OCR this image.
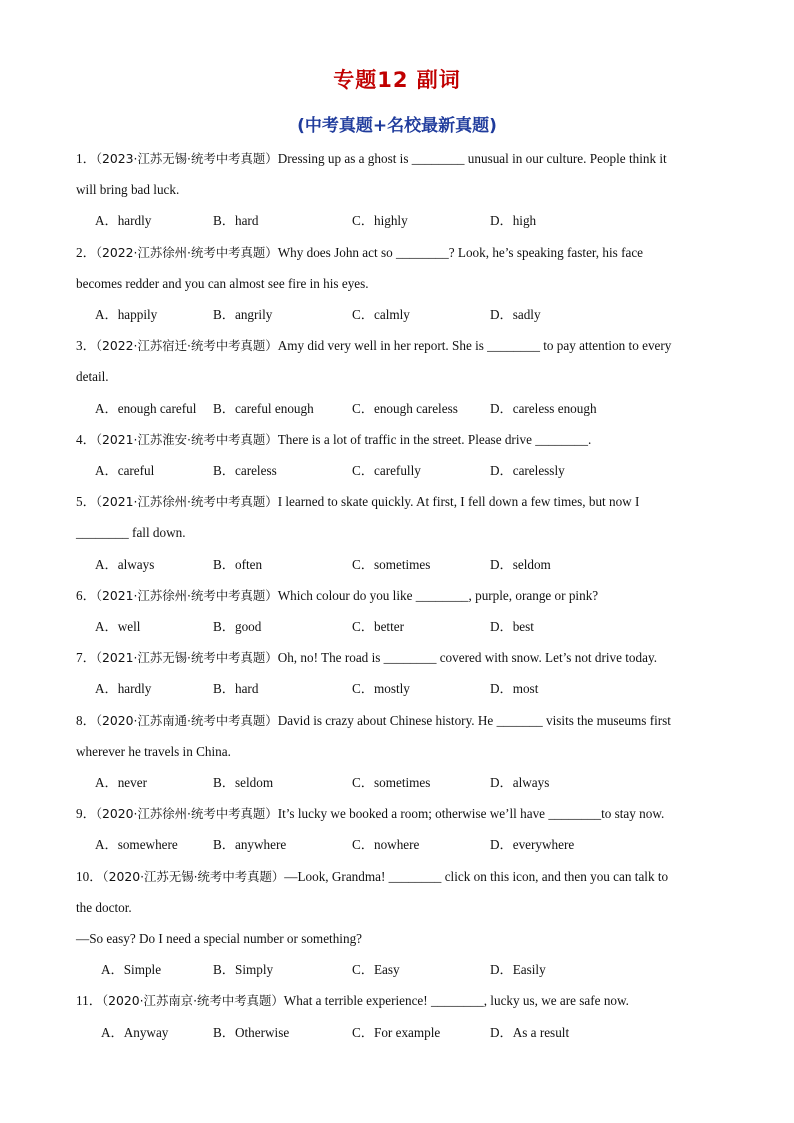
专题12 副词
(中考真题+名校最新真题)
1．（2023·江苏无锡·统考中考真题）Dressing up as a ghost is ________ unusual in our culture. People think it
will bring bad luck.
A．hardly	B．hard	C．highly	D．high
2．（2022·江苏徐州·统考中考真题）Why does John act so ________? Look, he’s speaking faster, his face
becomes redder and you can almost see fire in his eyes.
A．happily	B．angrily	C．calmly	D．sadly
3．（2022·江苏宿迁·统考中考真题）Amy did very well in her report. She is ________ to pay attention to every
detail.
A．enough careful B．careful enough	C．enough careless D．careless enough
4．（2021·江苏淮安·统考中考真题）There is a lot of traffic in the street. Please drive ________.
A．careful	B．careless	C．carefully	D．carelessly
5．（2021·江苏徐州·统考中考真题）I learned to skate quickly. At first, I fell down a few times, but now I
________ fall down.
A．always	B．often	C．sometimes	D．seldom
6．（2021·江苏徐州·统考中考真题）Which colour do you like ________, purple, orange or pink?
A．well	B．good	C．better	D．best
7．（2021·江苏无锡·统考中考真题）Oh, no! The road is ________ covered with snow. Let’s not drive today.
A．hardly	B．hard	C．mostly	D．most
8．（2020·江苏南通·统考中考真题）David is crazy about Chinese history. He _______ visits the museums first
wherever he travels in China.
A．never	B．seldom	C．sometimes	D．always
9．（2020·江苏徐州·统考中考真题）It’s lucky we booked a room; otherwise we’ll have ________to stay now.
A．somewhere	B．anywhere	C．nowhere	D．everywhere
10．（2020·江苏无锡·统考中考真题）—Look, Grandma! ________ click on this icon, and then you can talk to
the doctor.
—So easy? Do I need a special number or something?
A．Simple	B．Simply	C．Easy	D．Easily
11．（2020·江苏南京·统考中考真题）What a terrible experience! ________, lucky us, we are safe now.
A．Anyway	B．Otherwise	C．For example	D．As a result
